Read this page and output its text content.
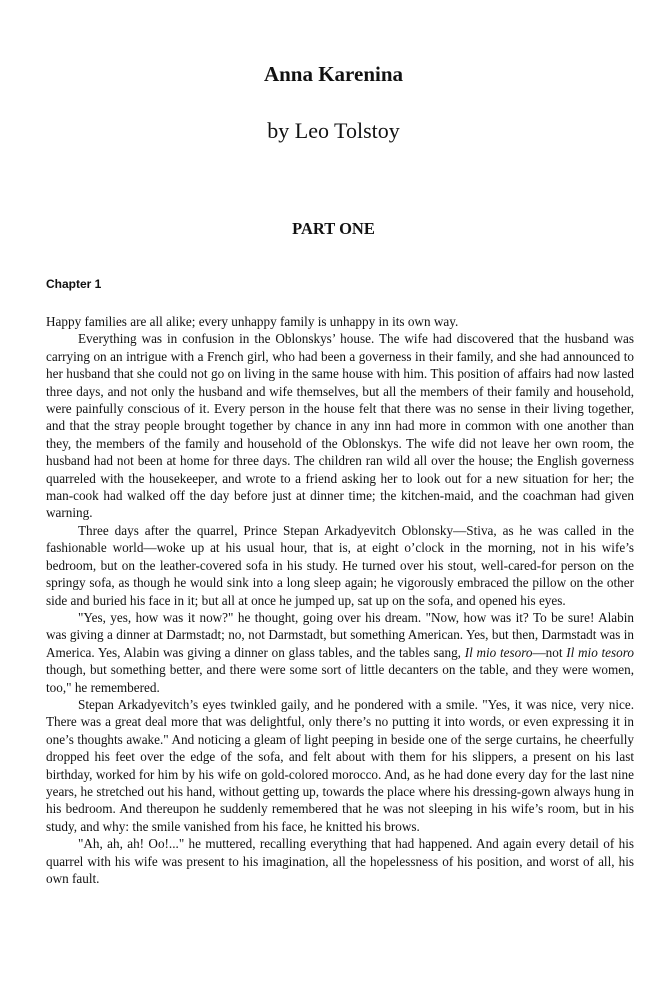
Anna Karenina
by Leo Tolstoy
PART ONE
Chapter 1

Happy families are all alike; every unhappy family is unhappy in its own way.

Everything was in confusion in the Oblonskys’ house. The wife had discovered that the husband was carrying on an intrigue with a French girl, who had been a governess in their family, and she had announced to her husband that she could not go on living in the same house with him. This position of affairs had now lasted three days, and not only the husband and wife themselves, but all the members of their family and household, were painfully conscious of it. Every person in the house felt that there was no sense in their living together, and that the stray people brought together by chance in any inn had more in common with one another than they, the members of the family and household of the Oblonskys. The wife did not leave her own room, the husband had not been at home for three days. The children ran wild all over the house; the English governess quarreled with the housekeeper, and wrote to a friend asking her to look out for a new situation for her; the man-cook had walked off the day before just at dinner time; the kitchen-maid, and the coachman had given warning.

Three days after the quarrel, Prince Stepan Arkadyevitch Oblonsky—Stiva, as he was called in the fashionable world—woke up at his usual hour, that is, at eight o’clock in the morning, not in his wife’s bedroom, but on the leather-covered sofa in his study. He turned over his stout, well-cared-for person on the springy sofa, as though he would sink into a long sleep again; he vigorously embraced the pillow on the other side and buried his face in it; but all at once he jumped up, sat up on the sofa, and opened his eyes.

"Yes, yes, how was it now?" he thought, going over his dream. "Now, how was it? To be sure! Alabin was giving a dinner at Darmstadt; no, not Darmstadt, but something American. Yes, but then, Darmstadt was in America. Yes, Alabin was giving a dinner on glass tables, and the tables sang, Il mio tesoro—not Il mio tesoro though, but something better, and there were some sort of little decanters on the table, and they were women, too," he remembered.

Stepan Arkadyevitch’s eyes twinkled gaily, and he pondered with a smile. "Yes, it was nice, very nice. There was a great deal more that was delightful, only there’s no putting it into words, or even expressing it in one’s thoughts awake." And noticing a gleam of light peeping in beside one of the serge curtains, he cheerfully dropped his feet over the edge of the sofa, and felt about with them for his slippers, a present on his last birthday, worked for him by his wife on gold-colored morocco. And, as he had done every day for the last nine years, he stretched out his hand, without getting up, towards the place where his dressing-gown always hung in his bedroom. And thereupon he suddenly remembered that he was not sleeping in his wife’s room, but in his study, and why: the smile vanished from his face, he knitted his brows.

"Ah, ah, ah! Oo!..." he muttered, recalling everything that had happened. And again every detail of his quarrel with his wife was present to his imagination, all the hopelessness of his position, and worst of all, his own fault.
